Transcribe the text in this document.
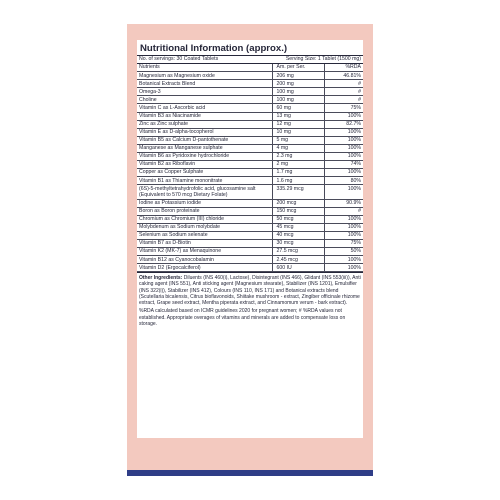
Nutritional Information (approx.)
No. of servings: 30 Coated Tablets	Serving Size: 1 Tablet (1500 mg)	
Nutrients	Am. per Ser.	%RDA
Magnesium as Magnesium oxide	206 mg	46.81%
Botanical Extracts Blend	200 mg	#
Omega-3	100 mg	#
Choline	100 mg	#
Vitamin C as L-Ascorbic acid	60 mg	75%
Vitamin B3 as Niacinamide	13 mg	100%
Zinc as Zinc sulphate	12 mg	82.7%
Vitamin E as D-alpha-tocopherol	10 mg	100%
Vitamin B5 as Calcium D-pantothenate	5 mg	100%
Manganese as Manganese sulphate	4 mg	100%
Vitamin B6 as Pyridoxine hydrochloride	2.3 mg	100%
Vitamin B2 as Riboflavin	2 mg	74%
Copper as Copper Sulphate	1.7 mg	100%
Vitamin B1 as Thiamine mononitrate	1.6 mg	80%
(6S)-5-methyltetrahydrofolic acid, glucosamine salt (Equivalent to 570 mcg Dietary Folate)	335.29 mcg	100%
Iodine as Potassium iodide	200 mcg	90.9%
Boron as Boron proteinate	150 mcg	#
Chromium as Chromium (III) chloride	50 mcg	100%
Molybdenum as Sodium molybdate	45 mcg	100%
Selenium as Sodium selenate	40 mcg	100%
Vitamin B7 as D-Biotin	30 mcg	75%
Vitamin K2 (MK-7) as Menaquinone	27.5 mcg	50%
Vitamin B12 as Cyanocobalamin	2.45 mcg	100%
Vitamin D2 (Ergocalciferol)	600 IU	100%
Other Ingredients: Diluents (INS 460(i), Lactose), Disintegrant (INS 466), Glidant (INS 553(iii)), Anti caking agent (INS 551), Anti sticking agent (Magnesium stearate), Stabilizer (INS 1201), Emulsifier (INS 322(i)), Stabilizer (INS 412), Colours (INS 110, INS 171) and Botanical extracts blend (Scutellaria bicalensis, Citrus bioflavonoids, Shiitake mushroom - extract, Zingiber officinale rhizome extract, Grape seed extract, Mentha piperata extract, and Cinnamomum verum - bark extract).
%RDA calculated based on ICMR guidelines 2020 for pregnant women; # %RDA values not established. Appropriate overages of vitamins and minerals are added to compensate loss on storage.
